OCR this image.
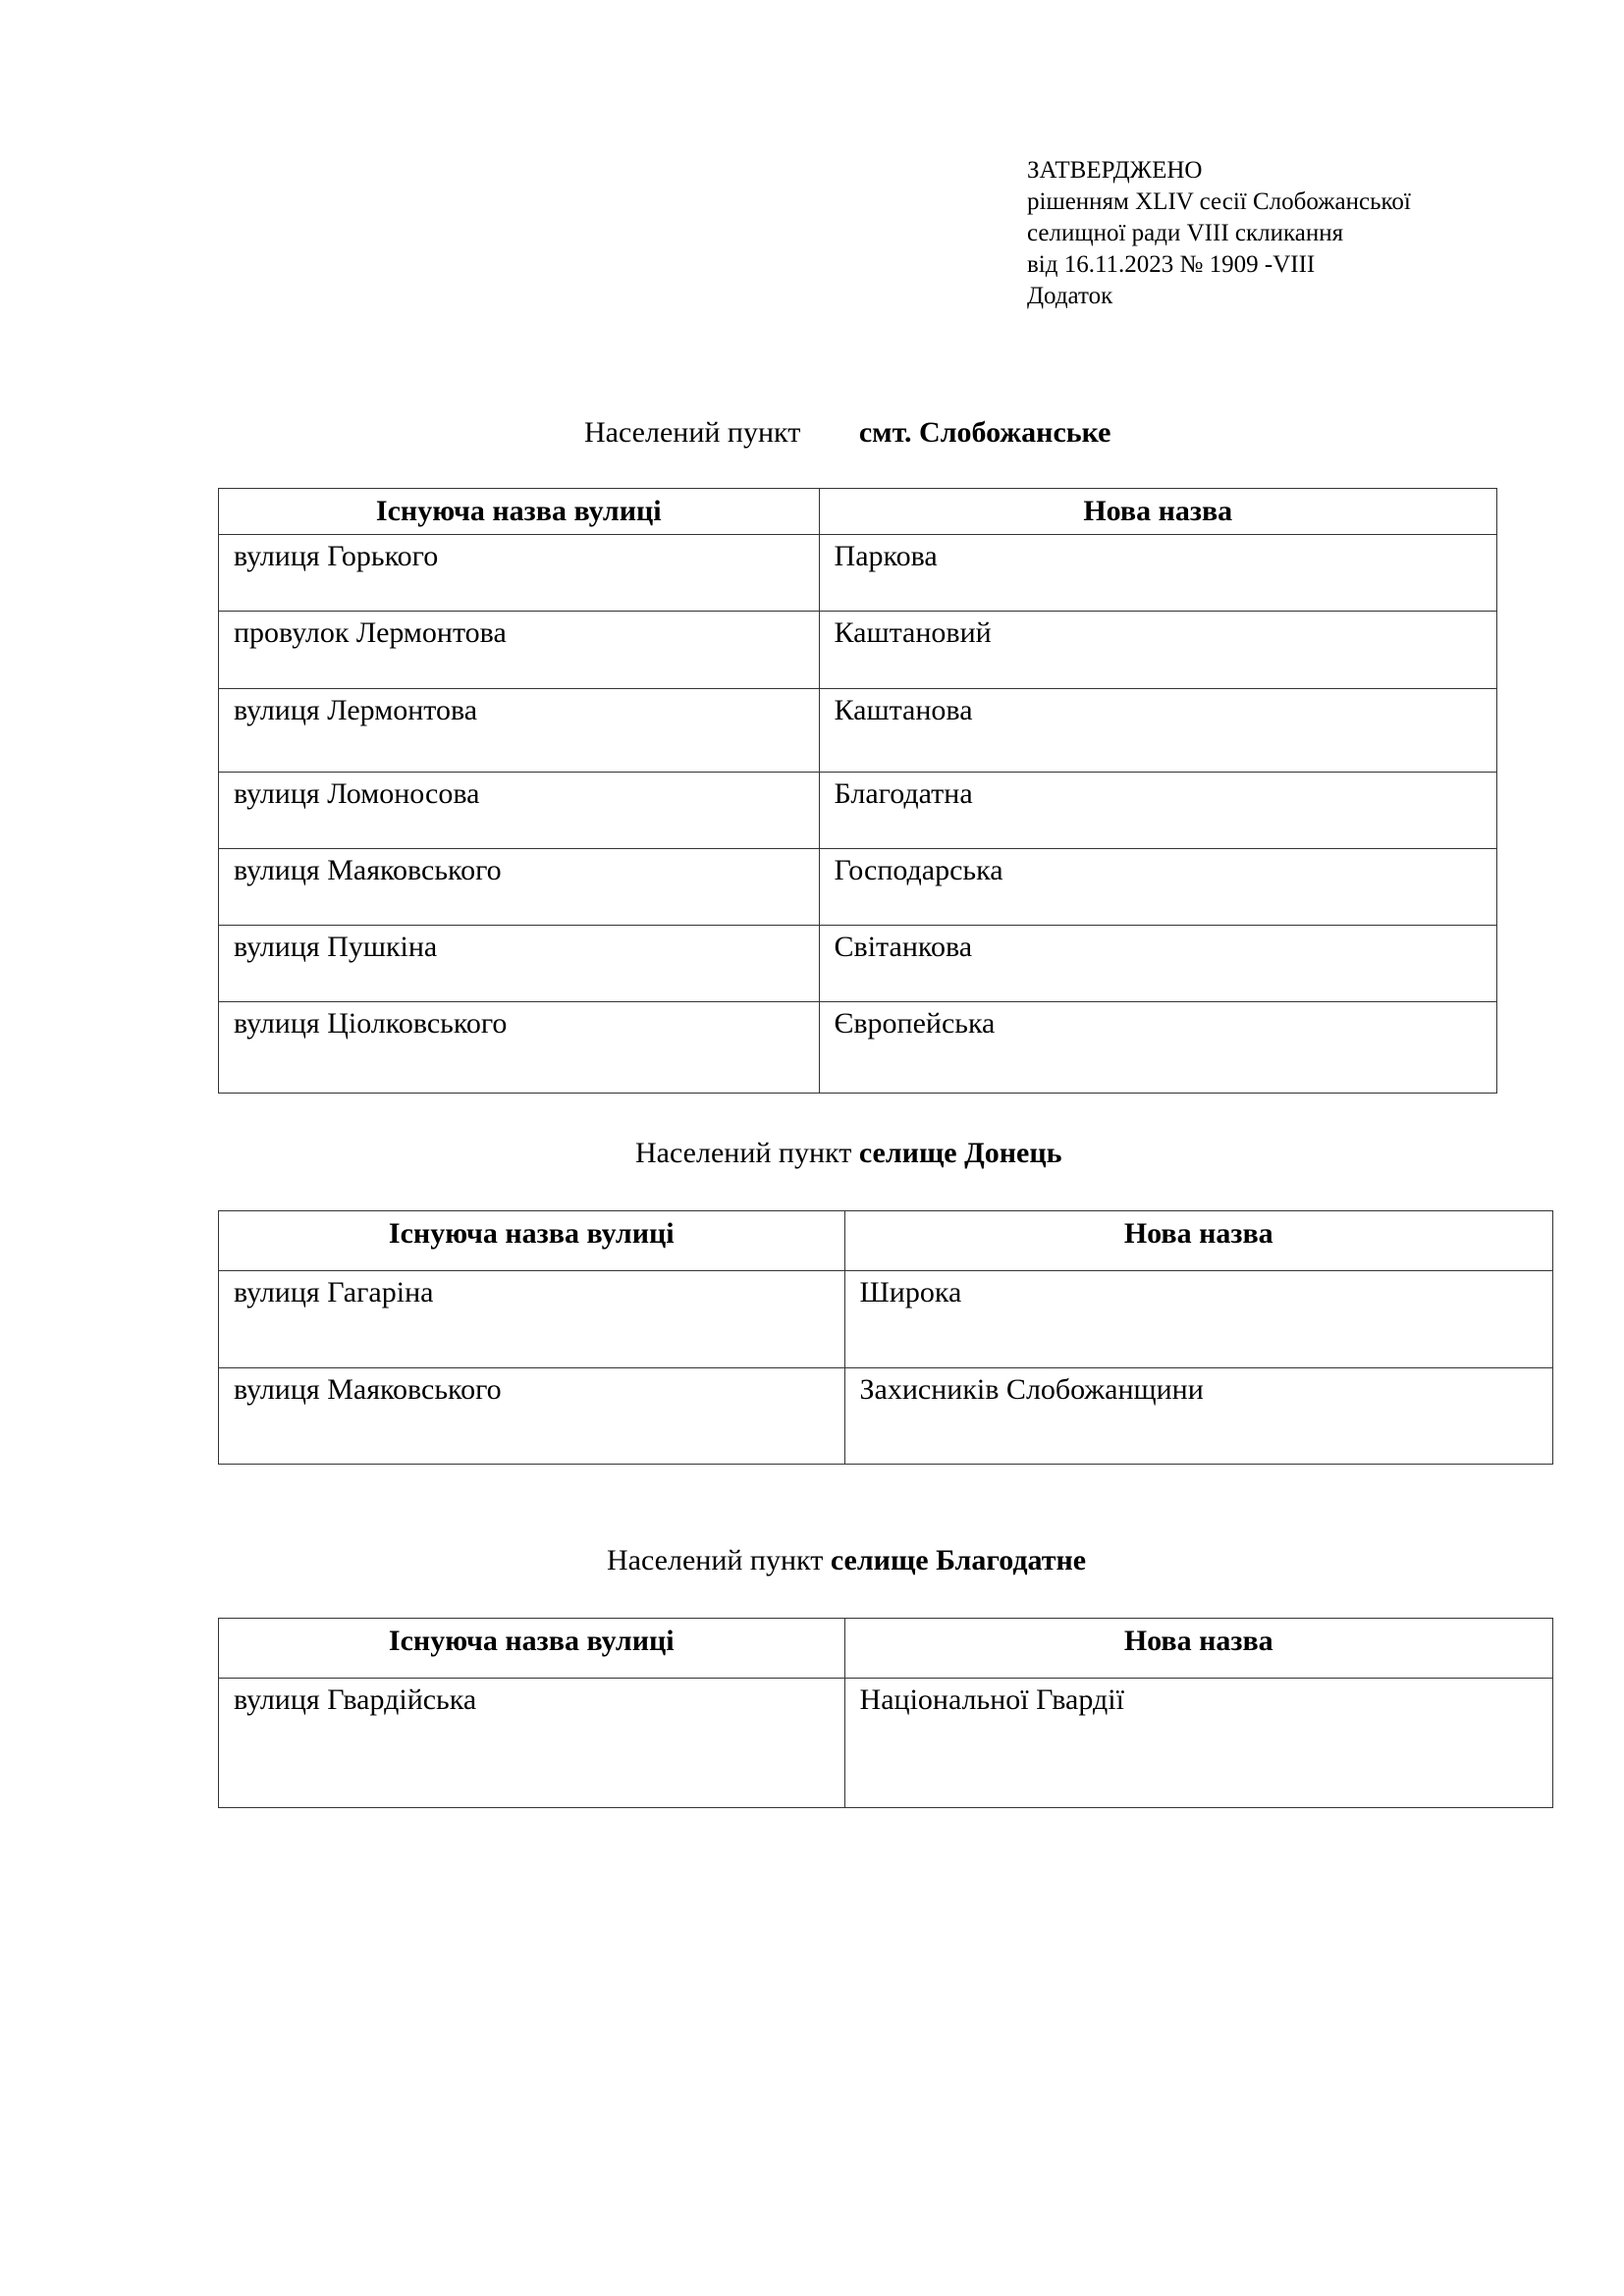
ЗАТВЕРДЖЕНО
рішенням XLIV сесії Слобожанської
селищної ради VIII скликання
від 16.11.2023 № 1909 -VIII
Додаток
Населений пункт смт. Слобожанське
Існуюча назва вулиці	Нова назва
вулиця Горького	Паркова
провулок Лермонтова	Каштановий
вулиця Лермонтова	Каштанова
вулиця Ломоносова	Благодатна
вулиця Маяковського	Господарська
вулиця Пушкіна	Світанкова
вулиця Ціолковського	Європейська
Населений пункт селище Донець
Існуюча назва вулиці	Нова назва
вулиця Гагаріна	Широка
вулиця Маяковського	Захисників Слобожанщини
Населений пункт селище Благодатне
Існуюча назва вулиці	Нова назва
вулиця Гвардійська	Національної Гвардії
